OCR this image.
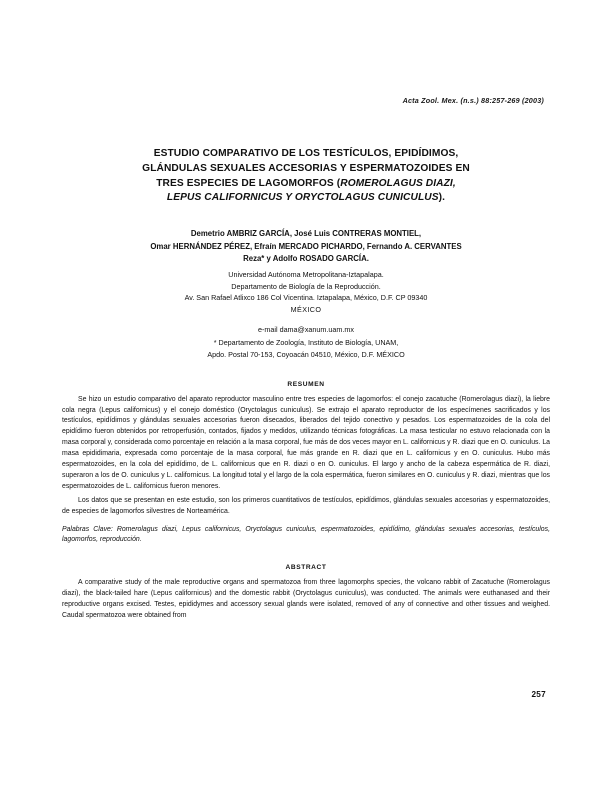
Acta Zool. Mex. (n.s.) 88:257-269 (2003)
ESTUDIO COMPARATIVO DE LOS TESTÍCULOS, EPIDÍDIMOS,
GLÁNDULAS SEXUALES ACCESORIAS Y ESPERMATOZOIDES EN
TRES ESPECIES DE LAGOMORFOS (ROMEROLAGUS DIAZI,
LEPUS CALIFORNICUS Y ORYCTOLAGUS CUNICULUS).
Demetrio AMBRIZ GARCÍA, José Luis CONTRERAS MONTIEL,
Omar HERNÁNDEZ PÉREZ, Efraín MERCADO PICHARDO, Fernando A. CERVANTES
Reza* y Adolfo ROSADO GARCÍA.
Universidad Autónoma Metropolitana-Iztapalapa.
Departamento de Biología de la Reproducción.
Av. San Rafael Atlixco 186 Col Vicentina. Iztapalapa, México, D.F. CP 09340
MÉXICO
e-mail dama@xanum.uam.mx
* Departamento de Zoología, Instituto de Biología, UNAM,
Apdo. Postal 70-153, Coyoacán 04510, México, D.F. MÉXICO
RESUMEN

Se hizo un estudio comparativo del aparato reproductor masculino entre tres especies de lagomorfos: el conejo zacatuche (Romerolagus diazi), la liebre cola negra (Lepus californicus) y el conejo doméstico (Oryctolagus cuniculus). Se extrajo el aparato reproductor de los especímenes sacrificados y los testículos, epidídimos y glándulas sexuales accesorias fueron disecados, liberados del tejido conectivo y pesados. Los espermatozoides de la cola del epidídimo fueron obtenidos por retroperfusión, contados, fijados y medidos, utilizando técnicas fotográficas. La masa testicular no estuvo relacionada con la masa corporal y, considerada como porcentaje en relación a la masa corporal, fue más de dos veces mayor en L. californicus y R. diazi que en O. cuniculus. La masa epididimaria, expresada como porcentaje de la masa corporal, fue más grande en R. diazi que en L. californicus y en O. cuniculus. Hubo más espermatozoides, en la cola del epidídimo, de L. californicus que en R. diazi o en O. cuniculus. El largo y ancho de la cabeza espermática de R. diazi, superaron a los de O. cuniculus y L. californicus. La longitud total y el largo de la cola espermática, fueron similares en O. cuniculus y R. diazi, mientras que los espermatozoides de L. californicus fueron menores.

Los datos que se presentan en este estudio, son los primeros cuantitativos de testículos, epidídimos, glándulas sexuales accesorias y espermatozoides, de especies de lagomorfos silvestres de Norteamérica.

Palabras Clave: Romerolagus diazi, Lepus californicus, Oryctolagus cuniculus, espermatozoides, epidídimo, glándulas sexuales accesorias, testículos, lagomorfos, reproducción.
ABSTRACT

A comparative study of the male reproductive organs and spermatozoa from three lagomorphs species, the volcano rabbit of Zacatuche (Romerolagus diazi), the black-tailed hare (Lepus californicus) and the domestic rabbit (Oryctolagus cuniculus), was conducted. The animals were euthanased and their reproductive organs excised. Testes, epididymes and accessory sexual glands were isolated, removed of any of connective and other tissues and weighed. Caudal spermatozoa were obtained from

257
